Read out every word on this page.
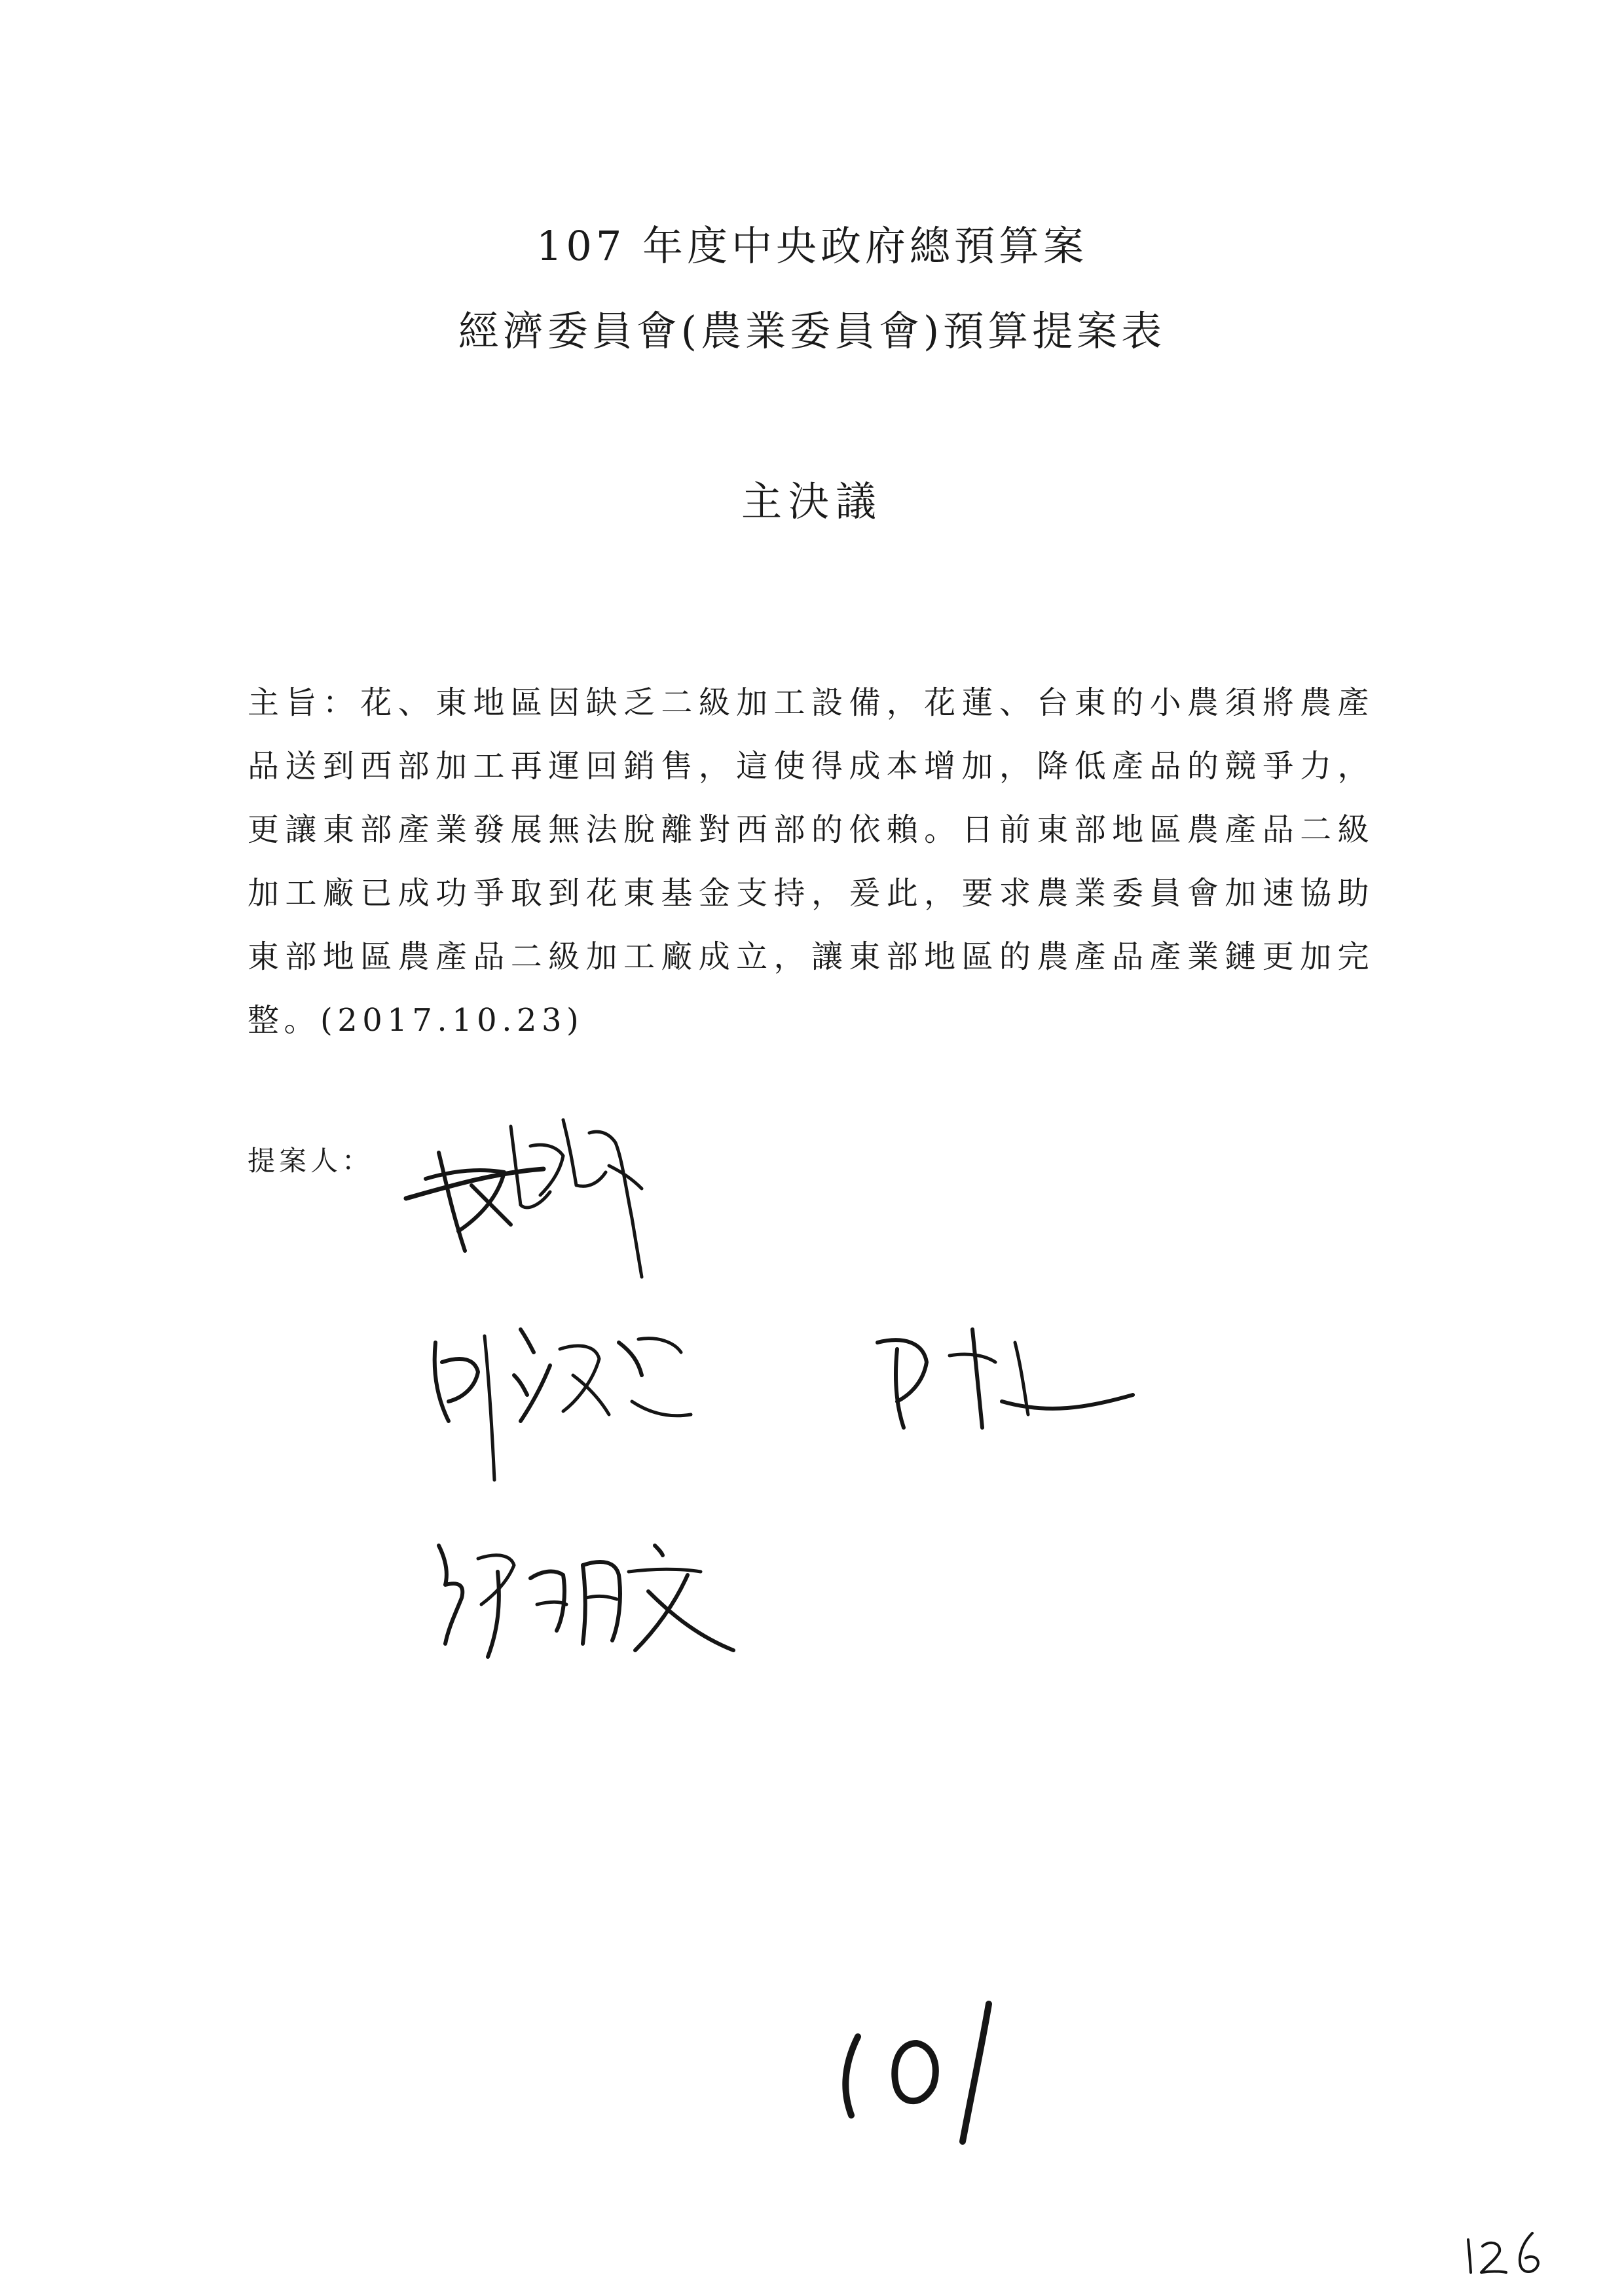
107 年度中央政府總預算案
經濟委員會(農業委員會)預算提案表
主決議

主旨：花、東地區因缺乏二級加工設備，花蓮、台東的小農須將農產品送到西部加工再運回銷售，這使得成本增加，降低產品的競爭力，更讓東部產業發展無法脫離對西部的依賴。日前東部地區農產品二級加工廠已成功爭取到花東基金支持，爰此，要求農業委員會加速協助東部地區農產品二級加工廠成立，讓東部地區的農產品產業鏈更加完整。(2017.10.23)

提案人：
